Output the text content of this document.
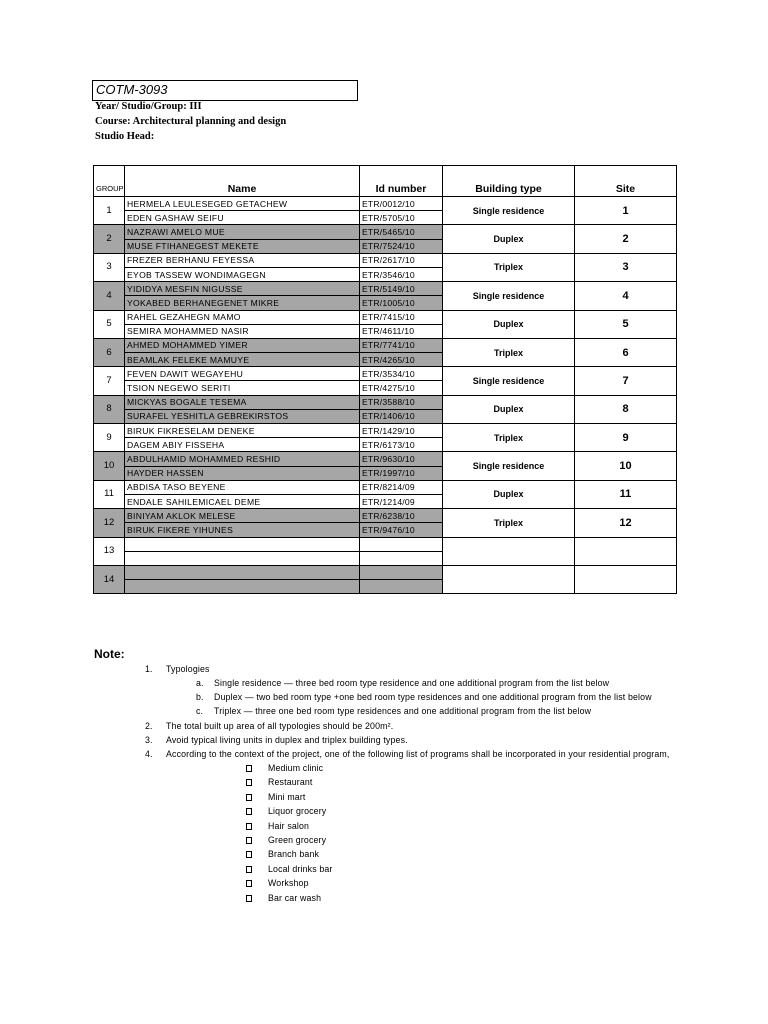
COTM-3093
Year/ Studio/Group: III
Course: Architectural planning and design
Studio Head:
GROUP	Name	Id number	Building type	Site
1	HERMELA LEULESEGED GETACHEW	ETR/0012/10	Single residence	1
	EDEN GASHAW SEIFU	ETR/5705/10		
2	NAZRAWI AMELO MUE	ETR/5465/10	Duplex	2
	MUSE FTIHANEGEST MEKETE	ETR/7524/10		
3	FREZER BERHANU FEYESSA	ETR/2617/10	Triplex	3
	EYOB TASSEW WONDIMAGEGN	ETR/3546/10		
4	YIDIDYA MESFIN NIGUSSE	ETR/5149/10	Single residence	4
	YOKABED BERHANEGENET MIKRE	ETR/1005/10		
5	RAHEL GEZAHEGN MAMO	ETR/7415/10	Duplex	5
	SEMIRA MOHAMMED NASIR	ETR/4611/10		
6	AHMED MOHAMMED YIMER	ETR/7741/10	Triplex	6
	BEAMLAK FELEKE MAMUYE	ETR/4265/10		
7	FEVEN DAWIT WEGAYEHU	ETR/3534/10	Single residence	7
	TSION NEGEWO SERITI	ETR/4275/10		
8	MICKYAS BOGALE TESEMA	ETR/3588/10	Duplex	8
	SURAFEL YESHITLA GEBREKIRSTOS	ETR/1406/10		
9	BIRUK FIKRESELAM DENEKE	ETR/1429/10	Triplex	9
	DAGEM ABIY FISSEHA	ETR/6173/10		
10	ABDULHAMID MOHAMMED RESHID	ETR/9630/10	Single residence	10
	HAYDER HASSEN	ETR/1997/10		
11	ABDISA TASO BEYENE	ETR/8214/09	Duplex	11
	ENDALE SAHILEMICAEL DEME	ETR/1214/09		
12	BINIYAM AKLOK MELESE	ETR/6238/10	Triplex	12
	BIRUK FIKERE YIHUNES	ETR/9476/10		
13				

14				

Note:
1. Typologies
a. Single residence — three bed room type residence and one additional program from the list below
b. Duplex — two bed room type +one bed room type residences and one additional program from the list below
c. Triplex — three one bed room type residences and one additional program from the list below
2. The total built up area of all typologies should be 200m².
3. Avoid typical living units in duplex and triplex building types.
4. According to the context of the project, one of the following list of programs shall be incorporated in your residential program,
Medium clinic
Restaurant
Mini mart
Liquor grocery
Hair salon
Green grocery
Branch bank
Local drinks bar
Workshop
Bar car wash
